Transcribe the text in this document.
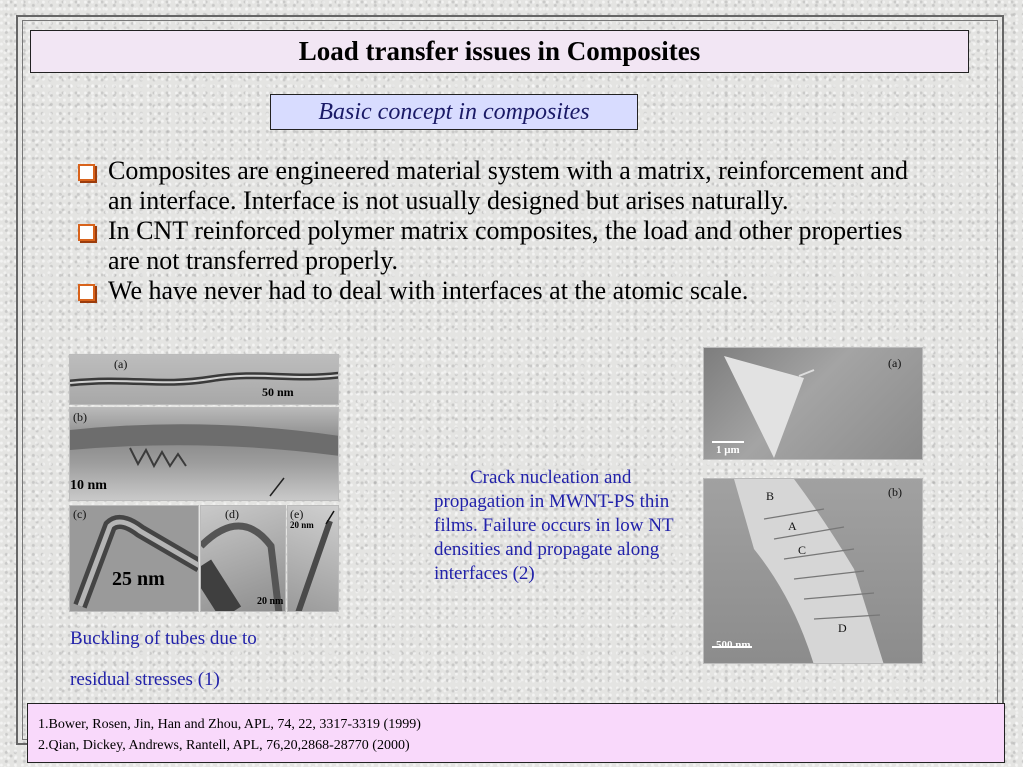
Load transfer issues in Composites
Basic concept in composites
Composites are engineered material system with a matrix, reinforcement and an interface. Interface is not usually designed but arises naturally.
In CNT reinforced polymer matrix composites, the load and other properties are not transferred properly.
We have never had to deal with interfaces at the atomic scale.
(a)
50 nm
(b)
10 nm
(c)
25 nm
(d)
20 nm
(e)
20 nm
(a)
1 μm
(b)
B
A
C
D
500 nm
Buckling of tubes due to
residual stresses (1)
Crack nucleation and propagation in MWNT-PS thin films. Failure occurs in low NT densities and propagate along interfaces (2)
1.Bower, Rosen, Jin, Han and Zhou, APL, 74, 22, 3317-3319 (1999)
2.Qian, Dickey, Andrews, Rantell, APL, 76,20,2868-28770 (2000)
